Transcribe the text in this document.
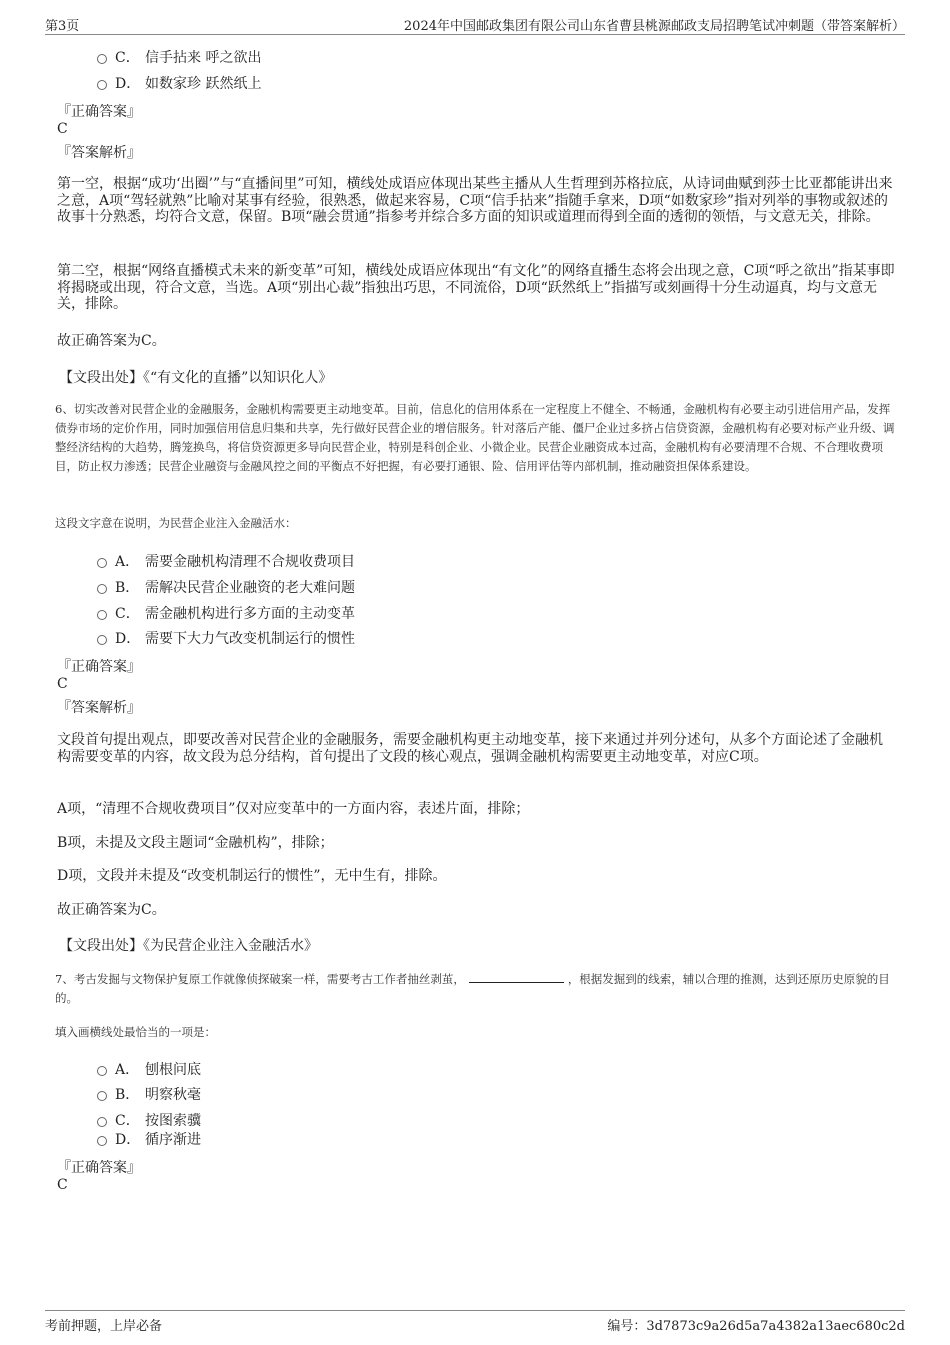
第3页	2024年中国邮政集团有限公司山东省曹县桃源邮政支局招聘笔试冲刺题（带答案解析）
C． 信手拈来 呼之欲出
D． 如数家珍 跃然纸上
『正确答案』
C
『答案解析』
第一空，根据“成功‘出圈’”与“直播间里”可知，横线处成语应体现出某些主播从人生哲理到苏格拉底，从诗词曲赋到莎士比亚都能讲出来之意，A项“驾轻就熟”比喻对某事有经验，很熟悉，做起来容易，C项“信手拈来”指随手拿来，D项“如数家珍”指对列举的事物或叙述的故事十分熟悉，均符合文意，保留。B项“融会贯通”指参考并综合多方面的知识或道理而得到全面的透彻的领悟，与文意无关，排除。
第二空，根据“网络直播模式未来的新变革”可知，横线处成语应体现出“有文化”的网络直播生态将会出现之意，C项“呼之欲出”指某事即将揭晓或出现，符合文意，当选。A项“别出心裁”指独出巧思，不同流俗，D项“跃然纸上”指描写或刻画得十分生动逼真，均与文意无关，排除。
故正确答案为C。
【文段出处】《“有文化的直播”以知识化人》
6、切实改善对民营企业的金融服务，金融机构需要更主动地变革。目前，信息化的信用体系在一定程度上不健全、不畅通，金融机构有必要主动引进信用产品，发挥债券市场的定价作用，同时加强信用信息归集和共享，先行做好民营企业的增信服务。针对落后产能、僵尸企业过多挤占信贷资源，金融机构有必要对标产业升级、调整经济结构的大趋势，腾笼换鸟，将信贷资源更多导向民营企业，特别是科创企业、小微企业。民营企业融资成本过高，金融机构有必要清理不合规、不合理收费项目，防止权力渗透；民营企业融资与金融风控之间的平衡点不好把握，有必要打通银、险、信用评估等内部机制，推动融资担保体系建设。
这段文字意在说明，为民营企业注入金融活水：
A． 需要金融机构清理不合规收费项目
B． 需解决民营企业融资的老大难问题
C． 需金融机构进行多方面的主动变革
D． 需要下大力气改变机制运行的惯性
『正确答案』
C
『答案解析』
文段首句提出观点，即要改善对民营企业的金融服务，需要金融机构更主动地变革，接下来通过并列分述句，从多个方面论述了金融机构需要变革的内容，故文段为总分结构，首句提出了文段的核心观点，强调金融机构需要更主动地变革，对应C项。
A项，“清理不合规收费项目”仅对应变革中的一方面内容，表述片面，排除；
B项，未提及文段主题词“金融机构”，排除；
D项，文段并未提及“改变机制运行的惯性”，无中生有，排除。
故正确答案为C。
【文段出处】《为民营企业注入金融活水》
7、考古发掘与文物保护复原工作就像侦探破案一样，需要考古工作者抽丝剥茧，	，根据发掘到的线索，辅以合理的推测，达到还原历史原貌的目的。
填入画横线处最恰当的一项是：
A． 刨根问底
B． 明察秋毫
C． 按图索骥
D． 循序渐进
『正确答案』
C
考前押题，上岸必备	编号：3d7873c9a26d5a7a4382a13aec680c2d
